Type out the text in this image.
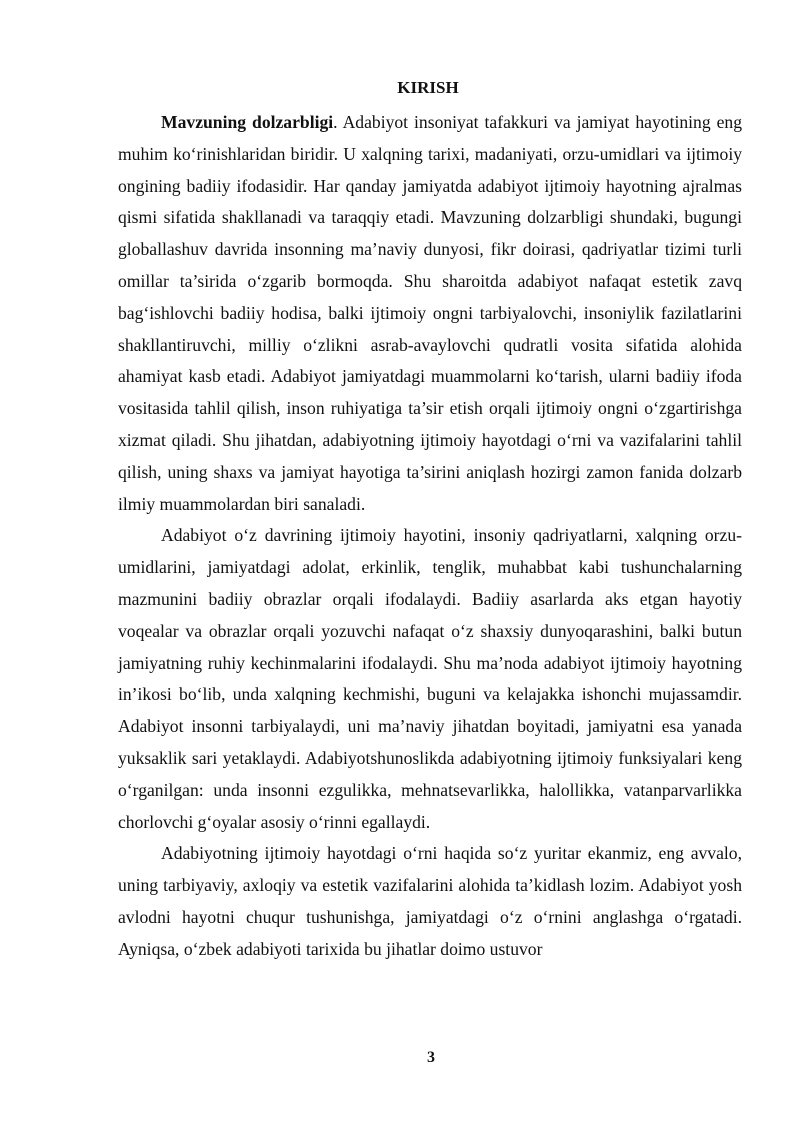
KIRISH

Mavzuning dolzarbligi. Adabiyot insoniyat tafakkuri va jamiyat hayotining eng muhim ko‘rinishlaridan biridir. U xalqning tarixi, madaniyati, orzu-umidlari va ijtimoiy ongining badiiy ifodasidir. Har qanday jamiyatda adabiyot ijtimoiy hayotning ajralmas qismi sifatida shakllanadi va taraqqiy etadi. Mavzuning dolzarbligi shundaki, bugungi globallashuv davrida insonning ma’naviy dunyosi, fikr doirasi, qadriyatlar tizimi turli omillar ta’sirida o‘zgarib bormoqda. Shu sharoitda adabiyot nafaqat estetik zavq bag‘ishlovchi badiiy hodisa, balki ijtimoiy ongni tarbiyalovchi, insoniylik fazilatlarini shakllantiruvchi, milliy o‘zlikni asrab-avaylovchi qudratli vosita sifatida alohida ahamiyat kasb etadi. Adabiyot jamiyatdagi muammolarni ko‘tarish, ularni badiiy ifoda vositasida tahlil qilish, inson ruhiyatiga ta’sir etish orqali ijtimoiy ongni o‘zgartirishga xizmat qiladi. Shu jihatdan, adabiyotning ijtimoiy hayotdagi o‘rni va vazifalarini tahlil qilish, uning shaxs va jamiyat hayotiga ta’sirini aniqlash hozirgi zamon fanida dolzarb ilmiy muammolardan biri sanaladi.

Adabiyot o‘z davrining ijtimoiy hayotini, insoniy qadriyatlarni, xalqning orzu-umidlarini, jamiyatdagi adolat, erkinlik, tenglik, muhabbat kabi tushunchalarning mazmunini badiiy obrazlar orqali ifodalaydi. Badiiy asarlarda aks etgan hayotiy voqealar va obrazlar orqali yozuvchi nafaqat o‘z shaxsiy dunyoqarashini, balki butun jamiyatning ruhiy kechinmalarini ifodalaydi. Shu ma’noda adabiyot ijtimoiy hayotning in’ikosi bo‘lib, unda xalqning kechmishi, buguni va kelajakka ishonchi mujassamdir. Adabiyot insonni tarbiyalaydi, uni ma’naviy jihatdan boyitadi, jamiyatni esa yanada yuksaklik sari yetaklaydi. Adabiyotshunoslikda adabiyotning ijtimoiy funksiyalari keng o‘rganilgan: unda insonni ezgulikka, mehnatsevarlikka, halollikka, vatanparvarlikka chorlovchi g‘oyalar asosiy o‘rinni egallaydi.

Adabiyotning ijtimoiy hayotdagi o‘rni haqida so‘z yuritar ekanmiz, eng avvalo, uning tarbiyaviy, axloqiy va estetik vazifalarini alohida ta’kidlash lozim. Adabiyot yosh avlodni hayotni chuqur tushunishga, jamiyatdagi o‘z o‘rnini anglashga o‘rgatadi. Ayniqsa, o‘zbek adabiyoti tarixida bu jihatlar doimo ustuvor

3
